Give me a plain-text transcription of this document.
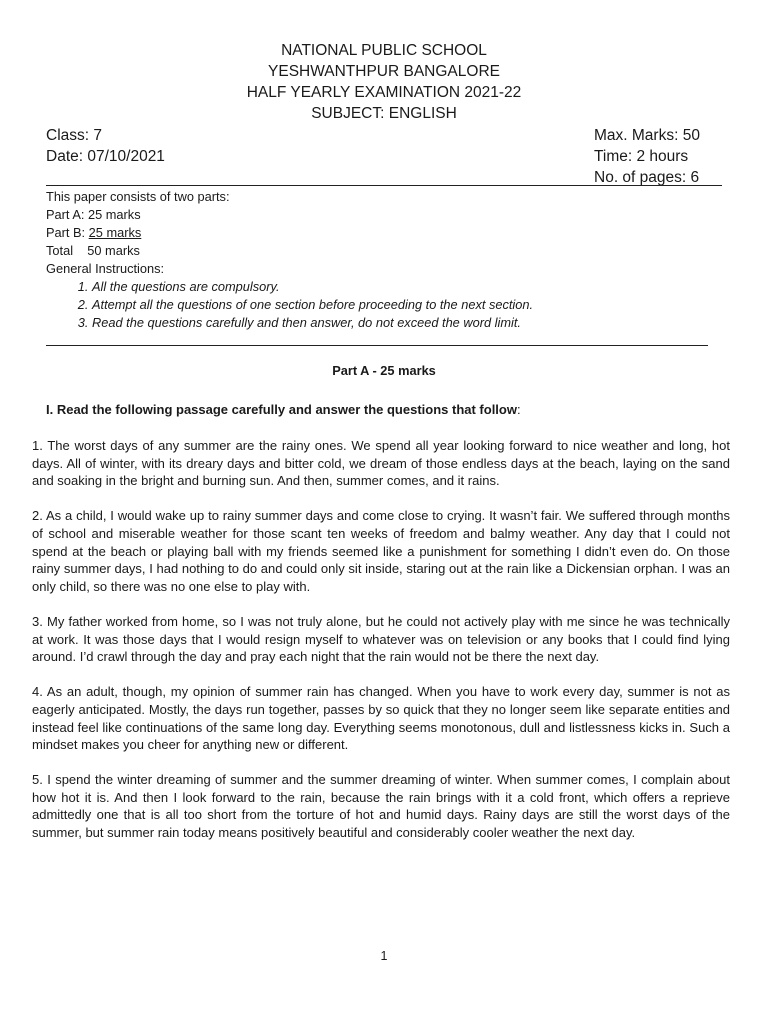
NATIONAL PUBLIC SCHOOL
YESHWANTHPUR BANGALORE
HALF YEARLY EXAMINATION 2021-22
SUBJECT: ENGLISH
Class: 7	Max. Marks: 50
Date: 07/10/2021	Time: 2 hours
No. of pages: 6
This paper consists of two parts:
Part A: 25 marks
Part B: 25 marks
Total    50 marks
General Instructions:
1. All the questions are compulsory.
2. Attempt all the questions of one section before proceeding to the next section.
3. Read the questions carefully and then answer, do not exceed the word limit.
Part A - 25 marks
I. Read the following passage carefully and answer the questions that follow:

1. The worst days of any summer are the rainy ones. We spend all year looking forward to nice weather and long, hot days. All of winter, with its dreary days and bitter cold, we dream of those endless days at the beach, laying on the sand and soaking in the bright and burning sun. And then, summer comes, and it rains.

2. As a child, I would wake up to rainy summer days and come close to crying. It wasn’t fair. We suffered through months of school and miserable weather for those scant ten weeks of freedom and balmy weather. Any day that I could not spend at the beach or playing ball with my friends seemed like a punishment for something I didn’t even do. On those rainy summer days, I had nothing to do and could only sit inside, staring out at the rain like a Dickensian orphan. I was an only child, so there was no one else to play with.

3. My father worked from home, so I was not truly alone, but he could not actively play with me since he was technically at work. It was those days that I would resign myself to whatever was on television or any books that I could find lying around. I’d crawl through the day and pray each night that the rain would not be there the next day.

4. As an adult, though, my opinion of summer rain has changed. When you have to work every day, summer is not as eagerly anticipated. Mostly, the days run together, passes by so quick that they no longer seem like separate entities and instead feel like continuations of the same long day. Everything seems monotonous, dull and listlessness kicks in. Such a mindset makes you cheer for anything new or different.

5. I spend the winter dreaming of summer and the summer dreaming of winter. When summer comes, I complain about how hot it is. And then I look forward to the rain, because the rain brings with it a cold front, which offers a reprieve admittedly one that is all too short from the torture of hot and humid days. Rainy days are still the worst days of the summer, but summer rain today means positively beautiful and considerably cooler weather the next day.

1
